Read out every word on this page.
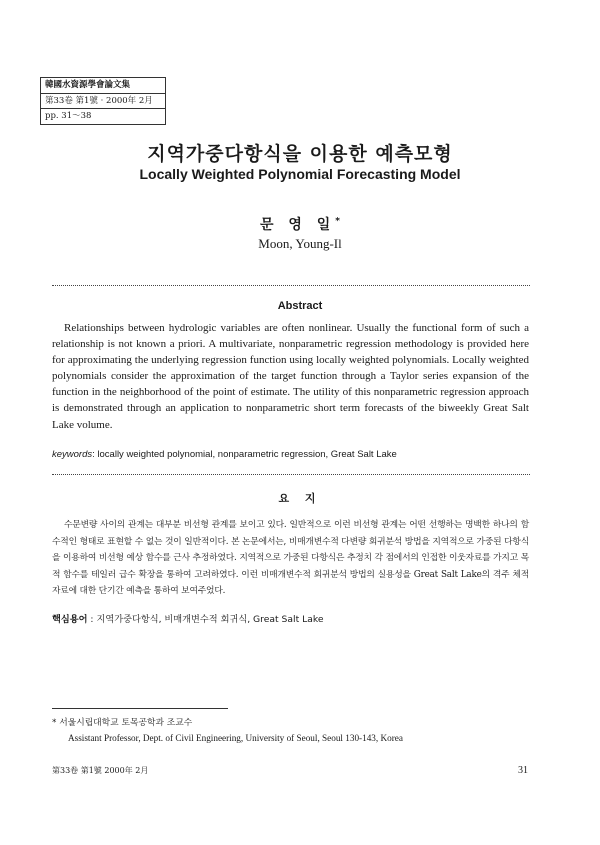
韓國水資源學會論文集
第33卷 第1號 · 2000年 2月
pp. 31～38
지역가중다항식을 이용한 예측모형
Locally Weighted Polynomial Forecasting Model
문 영 일*
Moon, Young-Il
Abstract

Relationships between hydrologic variables are often nonlinear. Usually the functional form of such a relationship is not known a priori. A multivariate, nonparametric regression methodology is provided here for approximating the underlying regression function using locally weighted polynomials. Locally weighted polynomials consider the approximation of the target function through a Taylor series expansion of the function in the neighborhood of the point of estimate. The utility of this nonparametric regression approach is demonstrated through an application to nonparametric short term forecasts of the biweekly Great Salt Lake volume.

keywords: locally weighted polynomial, nonparametric regression, Great Salt Lake
요 지

수문변량 사이의 관계는 대부분 비선형 관계를 보이고 있다. 일반적으로 이런 비선형 관계는 어떤 선행하는 명백한 하나의 함수적인 형태로 표현할 수 없는 것이 일반적이다. 본 논문에서는, 비매개변수적 다변량 회귀분석 방법을 지역적으로 가중된 다항식을 이용하여 비선형 예상 함수를 근사 추정하였다. 지역적으로 가중된 다항식은 추정치 각 점에서의 인접한 이웃자료를 가지고 목적 함수를 테일러 급수 확장을 통하여 고려하였다. 이런 비매개변수적 회귀분석 방법의 실용성을 Great Salt Lake의 격주 체적자료에 대한 단기간 예측을 통하여 보여주었다.

핵심용어 : 지역가중다항식, 비매개변수적 회귀식, Great Salt Lake
* 서울시립대학교 토목공학과 조교수
Assistant Professor, Dept. of Civil Engineering, University of Seoul, Seoul 130-143, Korea
第33卷 第1號 2000年 2月	31
